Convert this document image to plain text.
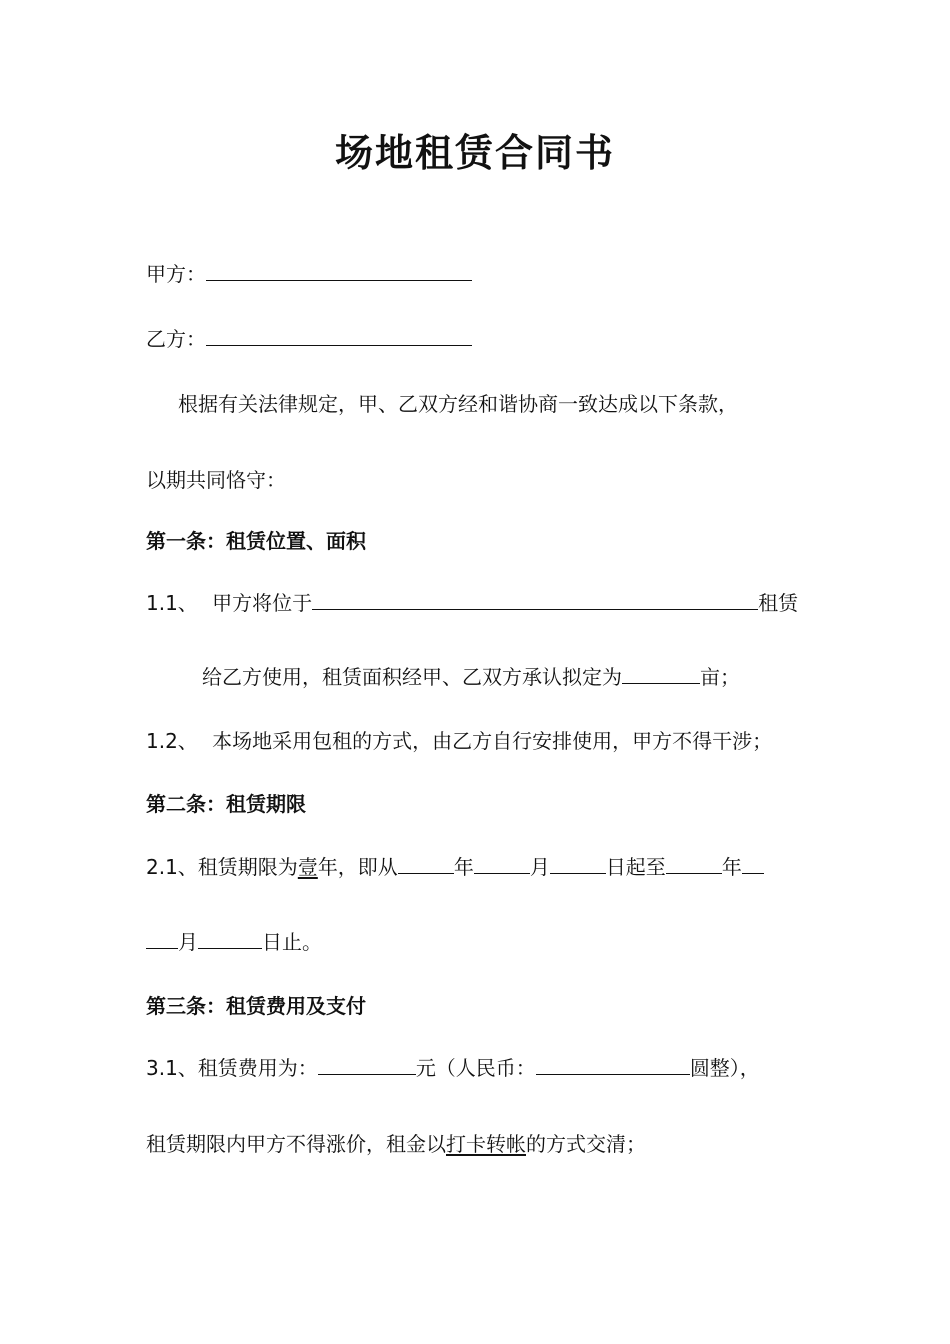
场地租赁合同书
甲方：
乙方：
根据有关法律规定，甲、乙双方经和谐协商一致达成以下条款，
以期共同恪守：
第一条：租赁位置、面积
1.1、 甲方将位于	租赁
给乙方使用，租赁面积经甲、乙双方承认拟定为	亩；
1.2、 本场地采用包租的方式，由乙方自行安排使用，甲方不得干涉；
第二条：租赁期限
2.1、租赁期限为壹年，即从	年	月	日起至	年
月	日止。
第三条：租赁费用及支付
3.1、租赁费用为：	元（人民币：	圆整），
租赁期限内甲方不得涨价，租金以打卡转帐的方式交清；
